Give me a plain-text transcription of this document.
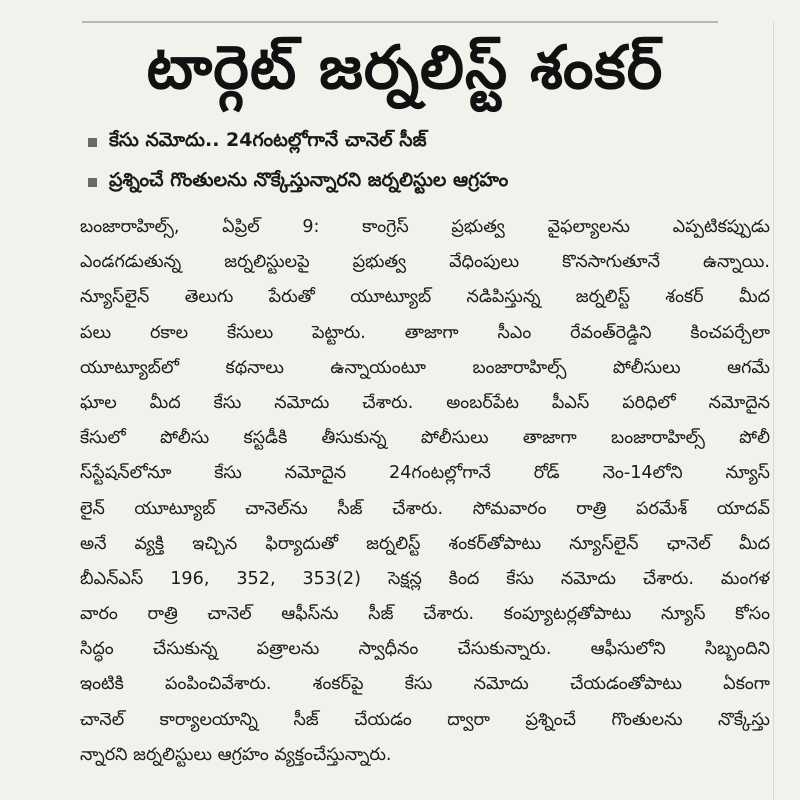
టార్గెట్ జర్నలిస్ట్ శంకర్
కేసు నమోదు.. 24గంటల్లోగానే చానెల్ సీజ్
ప్రశ్నించే గొంతులను నొక్కేస్తున్నారని జర్నలిస్టుల ఆగ్రహం
బంజారాహిల్స్, ఏప్రిల్ 9: కాంగ్రెస్ ప్రభుత్వ వైఫల్యాలను ఎప్పటికప్పుడు
ఎండగడుతున్న జర్నలిస్టులపై ప్రభుత్వ వేధింపులు కొనసాగుతూనే ఉన్నాయి.
న్యూస్‌లైన్ తెలుగు పేరుతో యూట్యూబ్ నడిపిస్తున్న జర్నలిస్ట్ శంకర్ మీద
పలు రకాల కేసులు పెట్టారు. తాజాగా సీఎం రేవంత్‌రెడ్డిని కించపర్చేలా
యూట్యూబ్‌లో కథనాలు ఉన్నాయంటూ బంజారాహిల్స్ పోలీసులు ఆగమే
ఘాల మీద కేసు నమోదు చేశారు. అంబర్‌పేట పీఎస్ పరిధిలో నమోదైన
కేసులో పోలీసు కస్టడీకి తీసుకున్న పోలీసులు తాజాగా బంజారాహిల్స్ పోలీ
స్‌స్టేషన్‌లోనూ కేసు నమోదైన 24గంటల్లోగానే రోడ్ నెం-14లోని న్యూస్
లైన్ యూట్యూబ్ చానెల్‌ను సీజ్ చేశారు. సోమవారం రాత్రి పరమేశ్ యాదవ్
అనే వ్యక్తి ఇచ్చిన ఫిర్యాదుతో జర్నలిస్ట్ శంకర్‌తోపాటు న్యూస్‌లైన్ ఛానెల్ మీద
బీఎన్ఎస్ 196, 352, 353(2) సెక్షన్ల కింద కేసు నమోదు చేశారు. మంగళ
వారం రాత్రి చానెల్ ఆఫీస్‌ను సీజ్ చేశారు. కంప్యూటర్లతోపాటు న్యూస్ కోసం
సిద్ధం చేసుకున్న పత్రాలను స్వాధీనం చేసుకున్నారు. ఆఫీసులోని సిబ్బందిని
ఇంటికి పంపించివేశారు. శంకర్‌పై కేసు నమోదు చేయడంతోపాటు ఏకంగా
చానెల్ కార్యాలయాన్ని సీజ్ చేయడం ద్వారా ప్రశ్నించే గొంతులను నొక్కేస్తు
న్నారని జర్నలిస్టులు ఆగ్రహం వ్యక్తంచేస్తున్నారు.
